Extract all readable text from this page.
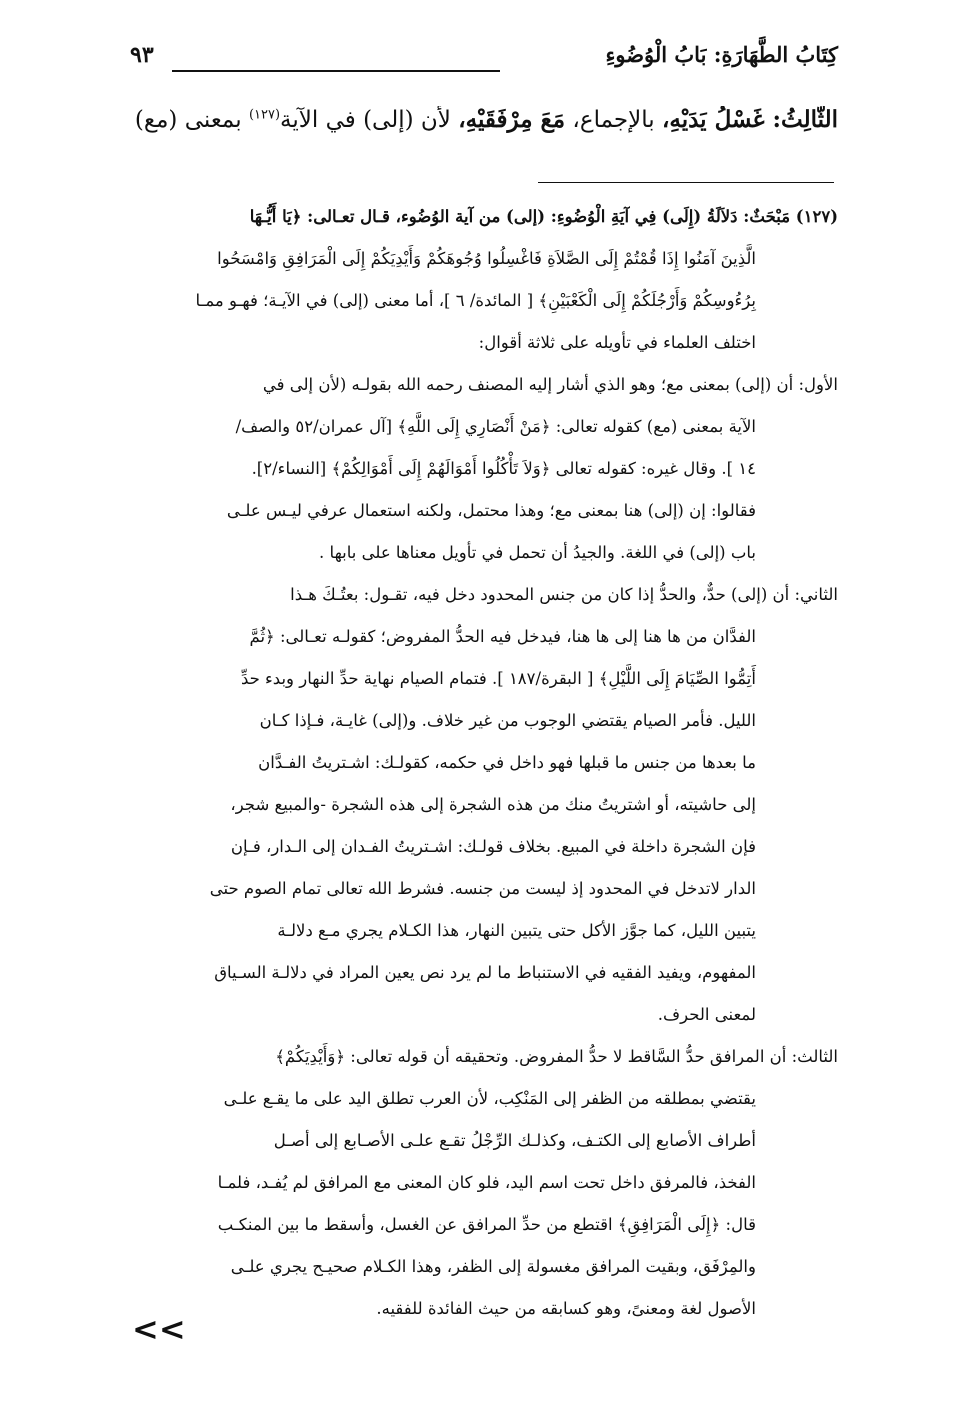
كِتَابُ الطَّهَارَةِ: بَابُ الْوُضُوءِ
٩٣
الثَّالِثُ: غَسْلُ يَدَيْهِ، بالإجماع، مَعَ مِرْفَقَيْهِ، لأن (إلى) في الآية$^{(١٢٧)}$ بمعنى (مع)
(١٢٧) مَبْحَثٌ: دَلاَلَةُ (إِلَى) فِي آيَةِ الْوُضُوءِ: (إلى) من آية الوُضُوء، قـال تعـالى: ﴿يَا أَيُّـهَا
الَّذِينَ آمَنُوا إِذَا قُمْتُمْ إِلَى الصَّلاَةِ فَاغْسِلُوا وُجُوهَكُمْ وَأَيْدِيَكُمْ إِلَى الْمَرَافِقِ وَامْسَحُوا
بِرُءُوسِكُمْ وَأَرْجُلَكُمْ إِلَى الْكَعْبَيْنِ﴾ [ المائدة/ ٦ ]، أما معنى (إلى) في الآيـة؛ فهـو ممـا
اختلف العلماء في تأويله على ثلاثة أقوال:
الأول: أن (إلى) بمعنى مع؛ وهو الذي أشار إليه المصنف رحمه الله بقولـه (لأن إلى في
الآية بمعنى (مع) كقوله تعالى: ﴿مَنْ أَنْصَارِي إِلَى اللَّهِ﴾ [آل عمران/٥٢ والصف/
١٤ ]. وقال غيره: كقوله تعالى ﴿وَلاَ تَأْكُلُوا أَمْوَالَهُمْ إِلَى أَمْوَالِكُمْ﴾ [النساء/٢].
فقالوا: إن (إلى) هنا بمعنى مع؛ وهذا محتمل، ولكنه استعمال عرفي ليـس علـى
باب (إلى) في اللغة. والجيدُ أن تحمل في تأويل معناها على بابها .
الثاني: أن (إلى) حدٌّ، والحدُّ إذا كان من جنس المحدود دخل فيه، تقـول: بعتُـكَ هـذا
الفدَّان من ها هنا إلى ها هنا، فيدخل فيه الحدُّ المفروض؛ كقولـه تعـالى: ﴿ثُمَّ
أَتِمُّوا الصِّيَامَ إِلَى اللَّيْلِ﴾ [ البقرة/١٨٧ ]. فتمام الصيام نهاية حدِّ النهار وبدء حدِّ
الليل. فأمر الصيام يقتضي الوجوب من غير خلاف. و(إلى) غايـة، فـإذا كـان
ما بعدها من جنس ما قبلها فهو داخل في حكمه، كقولـك: اشـتريتُ الفـدَّان
إلى حاشيته، أو اشتريتُ منك من هذه الشجرة إلى هذه الشجرة -والمبيع شجر،
فإن الشجرة داخلة في المبيع. بخلاف قولـك: اشـتريتُ الفـدان إلى الـدار، فـإن
الدار لاتدخل في المحدود إذ ليست من جنسه. فشرط الله تعالى تمام الصوم حتى
يتبين الليل، كما جوَّز الأكل حتى يتبين النهار، هذا الكـلام يجري مـع دلالـة
المفهوم، ويفيد الفقيه في الاستنباط ما لم يرد نص يعين المراد في دلالـة السـياق
لمعنى الحرف.
الثالث: أن المرافق حدُّ السَّاقط لا حدُّ المفروض. وتحقيقه أن قوله تعالى: ﴿وَأَيْدِيَكُمْ﴾
يقتضي بمطلقه من الظفر إلى المَنْكِب، لأن العرب تطلق اليد على ما يقـع علـى
أطراف الأصابع إلى الكتـف، وكذلـك الرِّجْلُ تقـع علـى الأصـابع إلى أصـل
الفخذ، فالمرفق داخل تحت اسم اليد، فلو كان المعنى مع المرافق لم يُفـد، فلمـا
قال: ﴿إِلَى الْمَرَافِقِ﴾ اقتطع من حدِّ المرافق عن الغسل، وأسقط ما بين المنكـب
والمِرْفَق، وبقيت المرافق مغسولة إلى الظفر، وهذا الكـلام صحيـح يجري علـى
الأصول لغة ومعنىً، وهو كسابقه من حيث الفائدة للفقيه.
<<
